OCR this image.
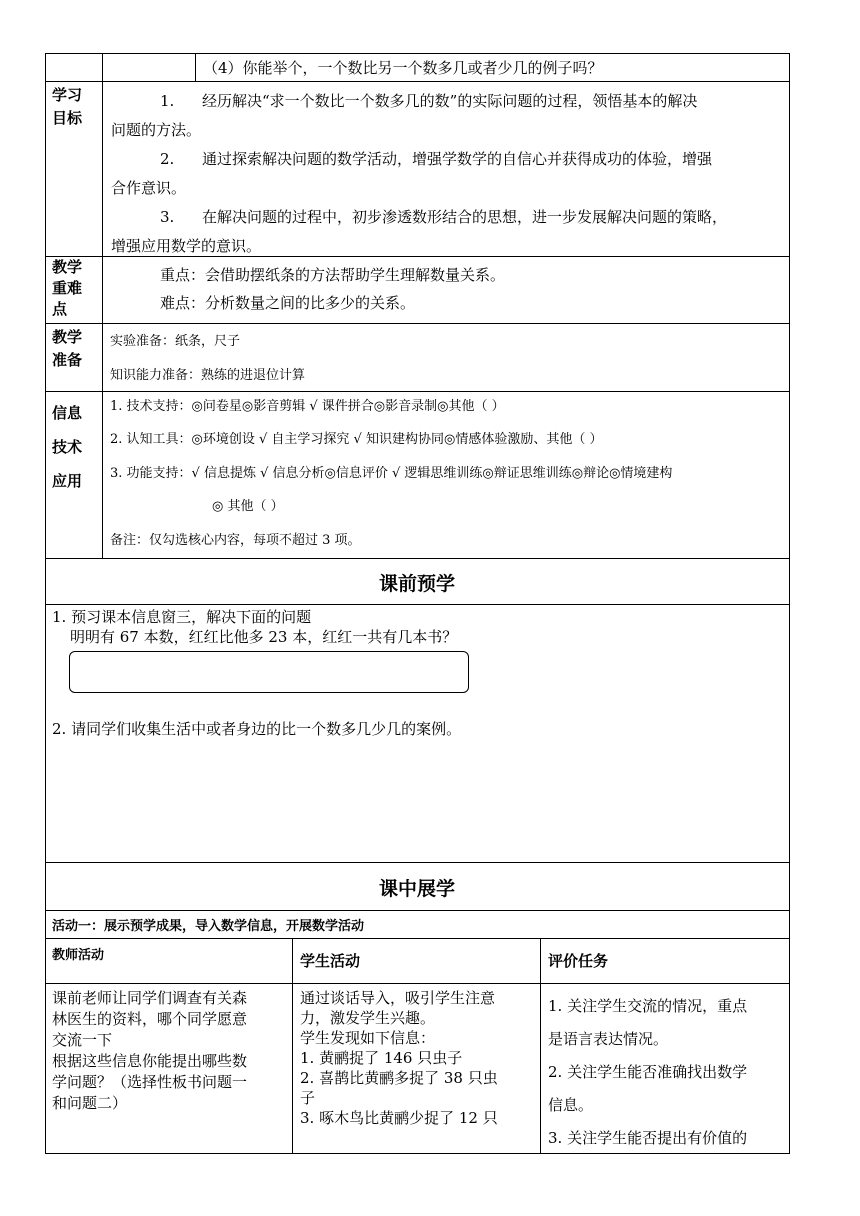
（4）你能举个，一个数比另一个数多几或者少几的例子吗？
学习
目标
1. 经历解决“求一个数比一个数多几的数”的实际问题的过程，领悟基本的解决
问题的方法。
2. 通过探索解决问题的数学活动，增强学数学的自信心并获得成功的体验，增强
合作意识。
3. 在解决问题的过程中，初步渗透数形结合的思想，进一步发展解决问题的策略，
增强应用数学的意识。
教学
重难
点
重点：会借助摆纸条的方法帮助学生理解数量关系。
难点：分析数量之间的比多少的关系。
教学
准备
实验准备：纸条，尺子
知识能力准备：熟练的进退位计算
信息
技术
应用
1. 技术支持：◎问卷星◎影音剪辑 √ 课件拼合◎影音录制◎其他（ ）
2. 认知工具：◎环境创设 √ 自主学习探究 √ 知识建构协同◎情感体验激励、其他（ ）
3. 功能支持：√ 信息提炼 √ 信息分析◎信息评价 √ 逻辑思维训练◎辩证思维训练◎辩论◎情境建构
◎ 其他（ ）
备注：仅勾选核心内容，每项不超过 3 项。
课前预学
1. 预习课本信息窗三，解决下面的问题
明明有 67 本数，红红比他多 23 本，红红一共有几本书？
2. 请同学们收集生活中或者身边的比一个数多几少几的案例。
课中展学
活动一：展示预学成果，导入数学信息，开展数学活动
教师活动	学生活动	评价任务
课前老师让同学们调查有关森
林医生的资料，哪个同学愿意
交流一下
根据这些信息你能提出哪些数
学问题？（选择性板书问题一
和问题二）
通过谈话导入，吸引学生注意
力，激发学生兴趣。
学生发现如下信息：
1. 黄鹂捉了 146 只虫子
2. 喜鹊比黄鹂多捉了 38 只虫
子
3. 啄木鸟比黄鹂少捉了 12 只
1. 关注学生交流的情况，重点
是语言表达情况。
2. 关注学生能否准确找出数学
信息。
3. 关注学生能否提出有价值的
